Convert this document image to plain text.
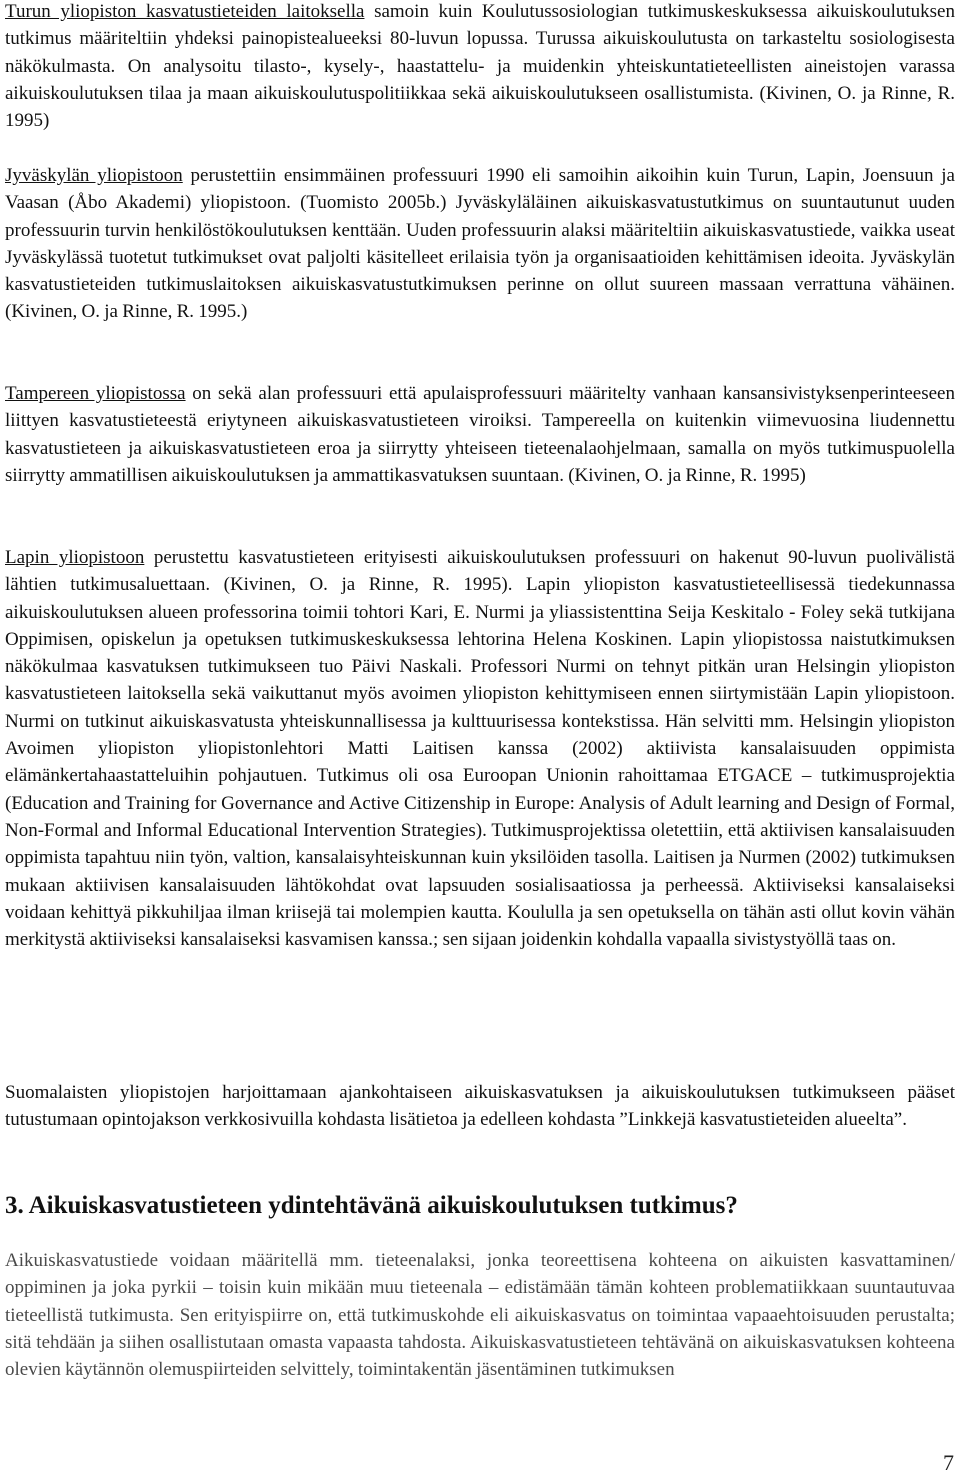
Turun yliopiston kasvatustieteiden laitoksella samoin kuin Koulutussosiologian tutkimuskeskuksessa aikuiskoulutuksen tutkimus määriteltiin yhdeksi painopistealueeksi 80-luvun lopussa. Turussa aikuiskoulutusta on tarkasteltu sosiologisesta näkökulmasta. On analysoitu tilasto-, kysely-, haastattelu- ja muidenkin yhteiskuntatieteellisten aineistojen varassa aikuiskoulutuksen tilaa ja maan aikuiskoulutuspolitiikkaa sekä aikuiskoulutukseen osallistumista. (Kivinen, O. ja Rinne, R. 1995)

Jyväskylän yliopistoon perustettiin ensimmäinen professuuri 1990 eli samoihin aikoihin kuin Turun, Lapin, Joensuun ja Vaasan (Åbo Akademi) yliopistoon. (Tuomisto 2005b.) Jyväskyläläinen aikuiskasvatustutkimus on suuntautunut uuden professuurin turvin henkilöstökoulutuksen kenttään. Uuden professuurin alaksi määriteltiin aikuiskasvatustiede, vaikka useat Jyväskylässä tuotetut tutkimukset ovat paljolti käsitelleet erilaisia työn ja organisaatioiden kehittämisen ideoita. Jyväskylän kasvatustieteiden tutkimuslaitoksen aikuiskasvatustutkimuksen perinne on ollut suureen massaan verrattuna vähäinen. (Kivinen, O. ja Rinne, R. 1995.)

Tampereen yliopistossa on sekä alan professuuri että apulaisprofessuuri määritelty vanhaan kansansivistyksenperinteeseen liittyen kasvatustieteestä eriytyneen aikuiskasvatustieteen viroiksi. Tampereella on kuitenkin viimevuosina liudennettu kasvatustieteen ja aikuiskasvatustieteen eroa ja siirrytty yhteiseen tieteenalaohjelmaan, samalla on myös tutkimuspuolella siirrytty ammatillisen aikuiskoulutuksen ja ammattikasvatuksen suuntaan. (Kivinen, O. ja Rinne, R. 1995)

Lapin yliopistoon perustettu kasvatustieteen erityisesti aikuiskoulutuksen professuuri on hakenut 90-luvun puolivälistä lähtien tutkimusaluettaan. (Kivinen, O. ja Rinne, R. 1995). Lapin yliopiston kasvatustieteellisessä tiedekunnassa aikuiskoulutuksen alueen professorina toimii tohtori Kari, E. Nurmi ja yliassistenttina Seija Keskitalo - Foley sekä tutkijana Oppimisen, opiskelun ja opetuksen tutkimuskeskuksessa lehtorina Helena Koskinen. Lapin yliopistossa naistutkimuksen näkökulmaa kasvatuksen tutkimukseen tuo Päivi Naskali. Professori Nurmi on tehnyt pitkän uran Helsingin yliopiston kasvatustieteen laitoksella sekä vaikuttanut myös avoimen yliopiston kehittymiseen ennen siirtymistään Lapin yliopistoon. Nurmi on tutkinut aikuiskasvatusta yhteiskunnallisessa ja kulttuurisessa kontekstissa. Hän selvitti mm. Helsingin yliopiston Avoimen yliopiston yliopistonlehtori Matti Laitisen kanssa (2002) aktiivista kansalaisuuden oppimista elämänkertahaastatteluihin pohjautuen. Tutkimus oli osa Euroopan Unionin rahoittamaa ETGACE – tutkimusprojektia (Education and Training for Governance and Active Citizenship in Europe: Analysis of Adult learning and Design of Formal, Non-Formal and Informal Educational Intervention Strategies). Tutkimusprojektissa oletettiin, että aktiivisen kansalaisuuden oppimista tapahtuu niin työn, valtion, kansalaisyhteiskunnan kuin yksilöiden tasolla. Laitisen ja Nurmen (2002) tutkimuksen mukaan aktiivisen kansalaisuuden lähtökohdat ovat lapsuuden sosialisaatiossa ja perheessä. Aktiiviseksi kansalaiseksi voidaan kehittyä pikkuhiljaa ilman kriisejä tai molempien kautta. Koululla ja sen opetuksella on tähän asti ollut kovin vähän merkitystä aktiiviseksi kansalaiseksi kasvamisen kanssa.; sen sijaan joidenkin kohdalla vapaalla sivistystyöllä taas on.

Suomalaisten yliopistojen harjoittamaan ajankohtaiseen aikuiskasvatuksen ja aikuiskoulutuksen tutkimukseen pääset tutustumaan opintojakson verkkosivuilla kohdasta lisätietoa ja edelleen kohdasta ”Linkkejä kasvatustieteiden alueelta”.

3. Aikuiskasvatustieteen ydintehtävänä aikuiskoulutuksen tutkimus?

Aikuiskasvatustiede voidaan määritellä mm. tieteenalaksi, jonka teoreettisena kohteena on aikuisten kasvattaminen/ oppiminen ja joka pyrkii – toisin kuin mikään muu tieteenala – edistämään tämän kohteen problematiikkaan suuntautuvaa tieteellistä tutkimusta. Sen erityispiirre on, että tutkimuskohde eli aikuiskasvatus on toimintaa vapaaehtoisuuden perustalta; sitä tehdään ja siihen osallistutaan omasta vapaasta tahdosta. Aikuiskasvatustieteen tehtävänä on aikuiskasvatuksen kohteena olevien käytännön olemuspiirteiden selvittely, toimintakentän jäsentäminen tutkimuksen

7
